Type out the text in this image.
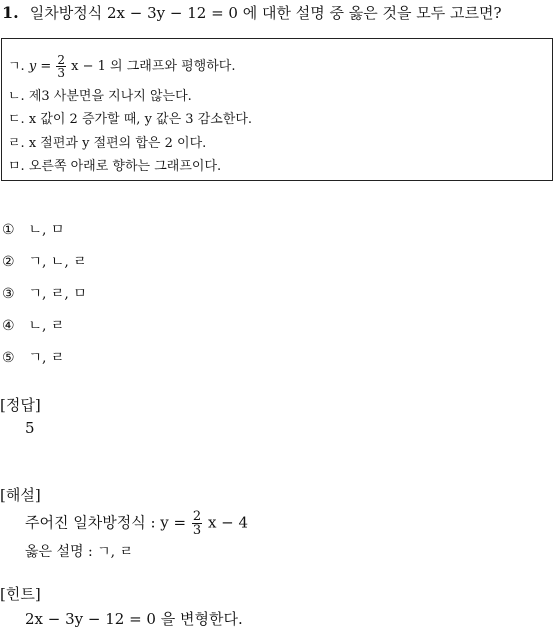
1. 일차방정식 2x − 3y − 12 = 0 에 대한 설명 중 옳은 것을 모두 고르면?
ㄱ. $y = \frac{2}{3}$ x − 1 의 그래프와 평행하다.
ㄴ. 제3 사분면을 지나지 않는다.
ㄷ. x 값이 2 증가할 때, y 값은 3 감소한다.
ㄹ. x 절편과 y 절편의 합은 2 이다.
ㅁ. 오른쪽 아래로 향하는 그래프이다.
① ㄴ, ㅁ
② ㄱ, ㄴ, ㄹ
③ ㄱ, ㄹ, ㅁ
④ ㄴ, ㄹ
⑤ ㄱ, ㄹ
[정답]
5
[해설]
주어진 일차방정식 : $y = \frac{2}{3}$ x − 4
옳은 설명 : ㄱ, ㄹ
[힌트]
2x − 3y − 12 = 0 을 변형한다.
